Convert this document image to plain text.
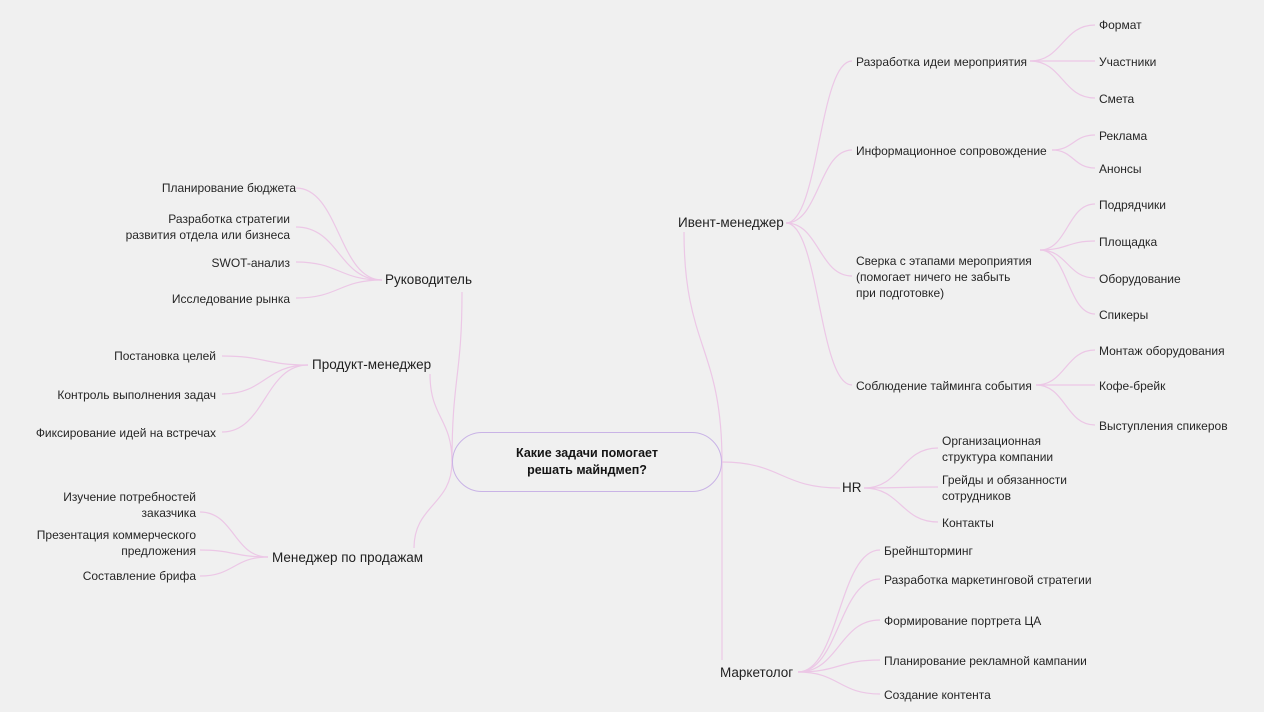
Какие задачи помогает
решать майндмеп?
Руководитель
Планирование бюджета
Разработка стратегии
развития отдела или бизнеса
SWOT-анализ
Исследование рынка
Продукт-менеджер
Постановка целей
Контроль выполнения задач
Фиксирование идей на встречах
Менеджер по продажам
Изучение потребностей
заказчика
Презентация коммерческого
предложения
Составление брифа
Ивент-менеджер
Разработка идеи мероприятия
Формат
Участники
Смета
Информационное сопровождение
Реклама
Анонсы
Сверка с этапами мероприятия
(помогает ничего не забыть
при подготовке)
Подрядчики
Площадка
Оборудование
Спикеры
Соблюдение тайминга события
Монтаж оборудования
Кофе-брейк
Выступления спикеров
HR
Организационная
структура компании
Грейды и обязанности
сотрудников
Контакты
Маркетолог
Брейншторминг
Разработка маркетинговой стратегии
Формирование портрета ЦА
Планирование рекламной кампании
Создание контента
